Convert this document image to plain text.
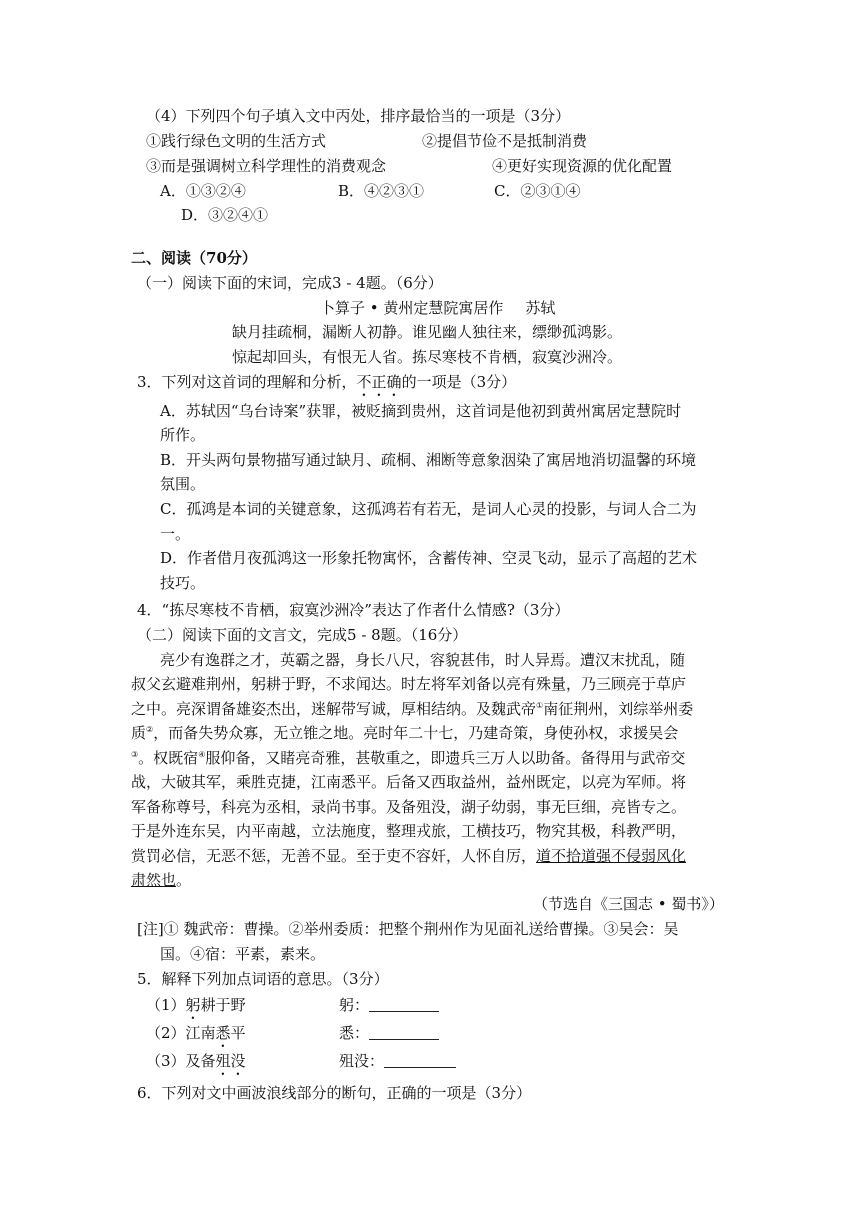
（4）下列四个句子填入文中丙处，排序最恰当的一项是（3分）
①践行绿色文明的生活方式	②提倡节俭不是抵制消费
③而是强调树立科学理性的消费观念	④更好实现资源的优化配置
A．①③②④	B．④②③①	C．②③①④
D．③②④①
二、阅读（70分）
（一）阅读下面的宋词，完成3 - 4题。（6分）
卜算子 • 黄州定慧院寓居作 苏轼
缺月挂疏桐，漏断人初静。谁见幽人独往来，缥缈孤鸿影。
惊起却回头，有恨无人省。拣尽寒枝不肯栖，寂寞沙洲冷。
3．下列对这首词的理解和分析，不正确的一项是（3分）
A．苏轼因“乌台诗案”获罪，被贬摘到贵州，这首词是他初到黄州寓居定慧院时
所作。
B．开头两句景物描写通过缺月、疏桐、湘断等意象洇染了寓居地消切温馨的环境
氛围。
C．孤鸿是本词的关键意象，这孤鸿若有若无，是词人心灵的投影，与词人合二为
一。
D．作者借月夜孤鸿这一形象托物寓怀，含蓄传神、空灵飞动，显示了高超的艺术
技巧。
4．“拣尽寒枝不肯栖，寂寞沙洲冷”表达了作者什么情感?（3分）
（二）阅读下面的文言文，完成5 - 8题。（16分）
亮少有逸群之才，英霸之器，身长八尺，容貌甚伟，时人异焉。遭汉末扰乱，随
叔父玄避难荆州，躬耕于野，不求闻达。时左将军刘备以亮有殊量，乃三顾亮于草庐
之中。亮深谓备雄姿杰出，迷解带写诚，厚相结纳。及魏武帝①南征荆州，刘综举州委
质②，而备失势众寡，无立锥之地。亮时年二十七，乃建奇策，身使孙权，求援吴会
③。权既宿④服仰备，又睹亮奇雅，甚敬重之，即遗兵三万人以助备。备得用与武帝交
战，大破其军，乘胜克捷，江南悉平。后备又西取益州，益州既定，以亮为军师。将
军备称尊号，科亮为丞相，录尚书事。及备殂没，湖子幼弱，事无巨细，亮皆专之。
于是外连东吴，内平南越，立法施度，整理戎旅，工横技巧，物究其极，科教严明，
赏罚必信，无恶不惩，无善不显。至于吏不容奸，人怀自厉，道不拾道强不侵弱风化
肃然也。
（节选自《三国志 • 蜀书》）
[注]① 魏武帝：曹操。②举州委质：把整个荆州作为见面礼送给曹操。③吴会：吴
国。④宿：平素，素来。
5．解释下列加点词语的意思。（3分）
（1）躬耕于野	躬：
（2）江南悉平	悉：
（3）及备殂没	殂没：
6．下列对文中画波浪线部分的断句，正确的一项是（3分）
